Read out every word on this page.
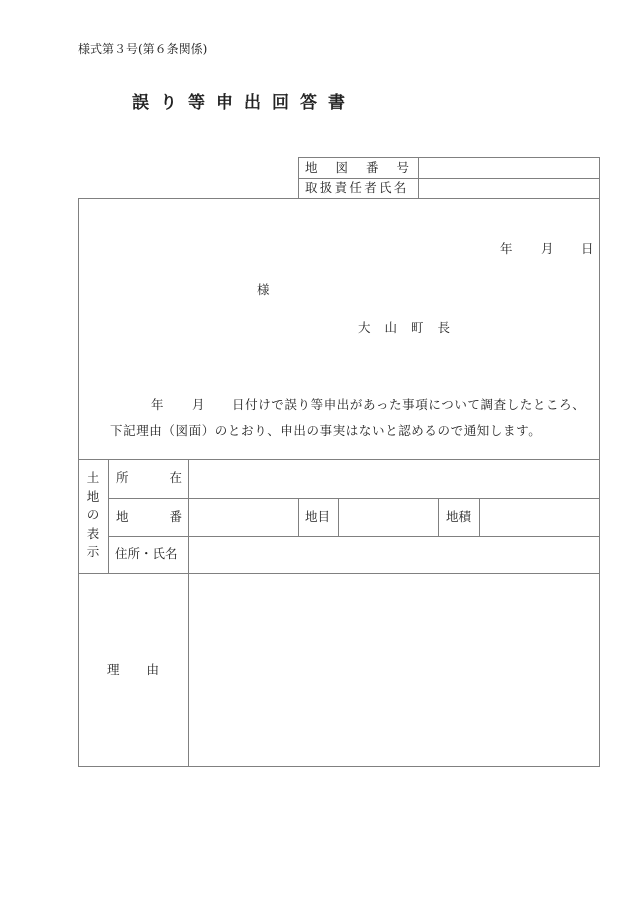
様式第３号(第６条関係)
誤り等申出回答書
地 図 番 号
取扱責任者氏名
年 月 日
様
大 山 町 長
年 月 日付けで誤り等申出があった事項について調査したところ、
下記理由（図面）のとおり、申出の事実はないと認めるので通知します。
土
地
の
表
示
所	在
地	番	地目	地積
住所・氏名
理 由
